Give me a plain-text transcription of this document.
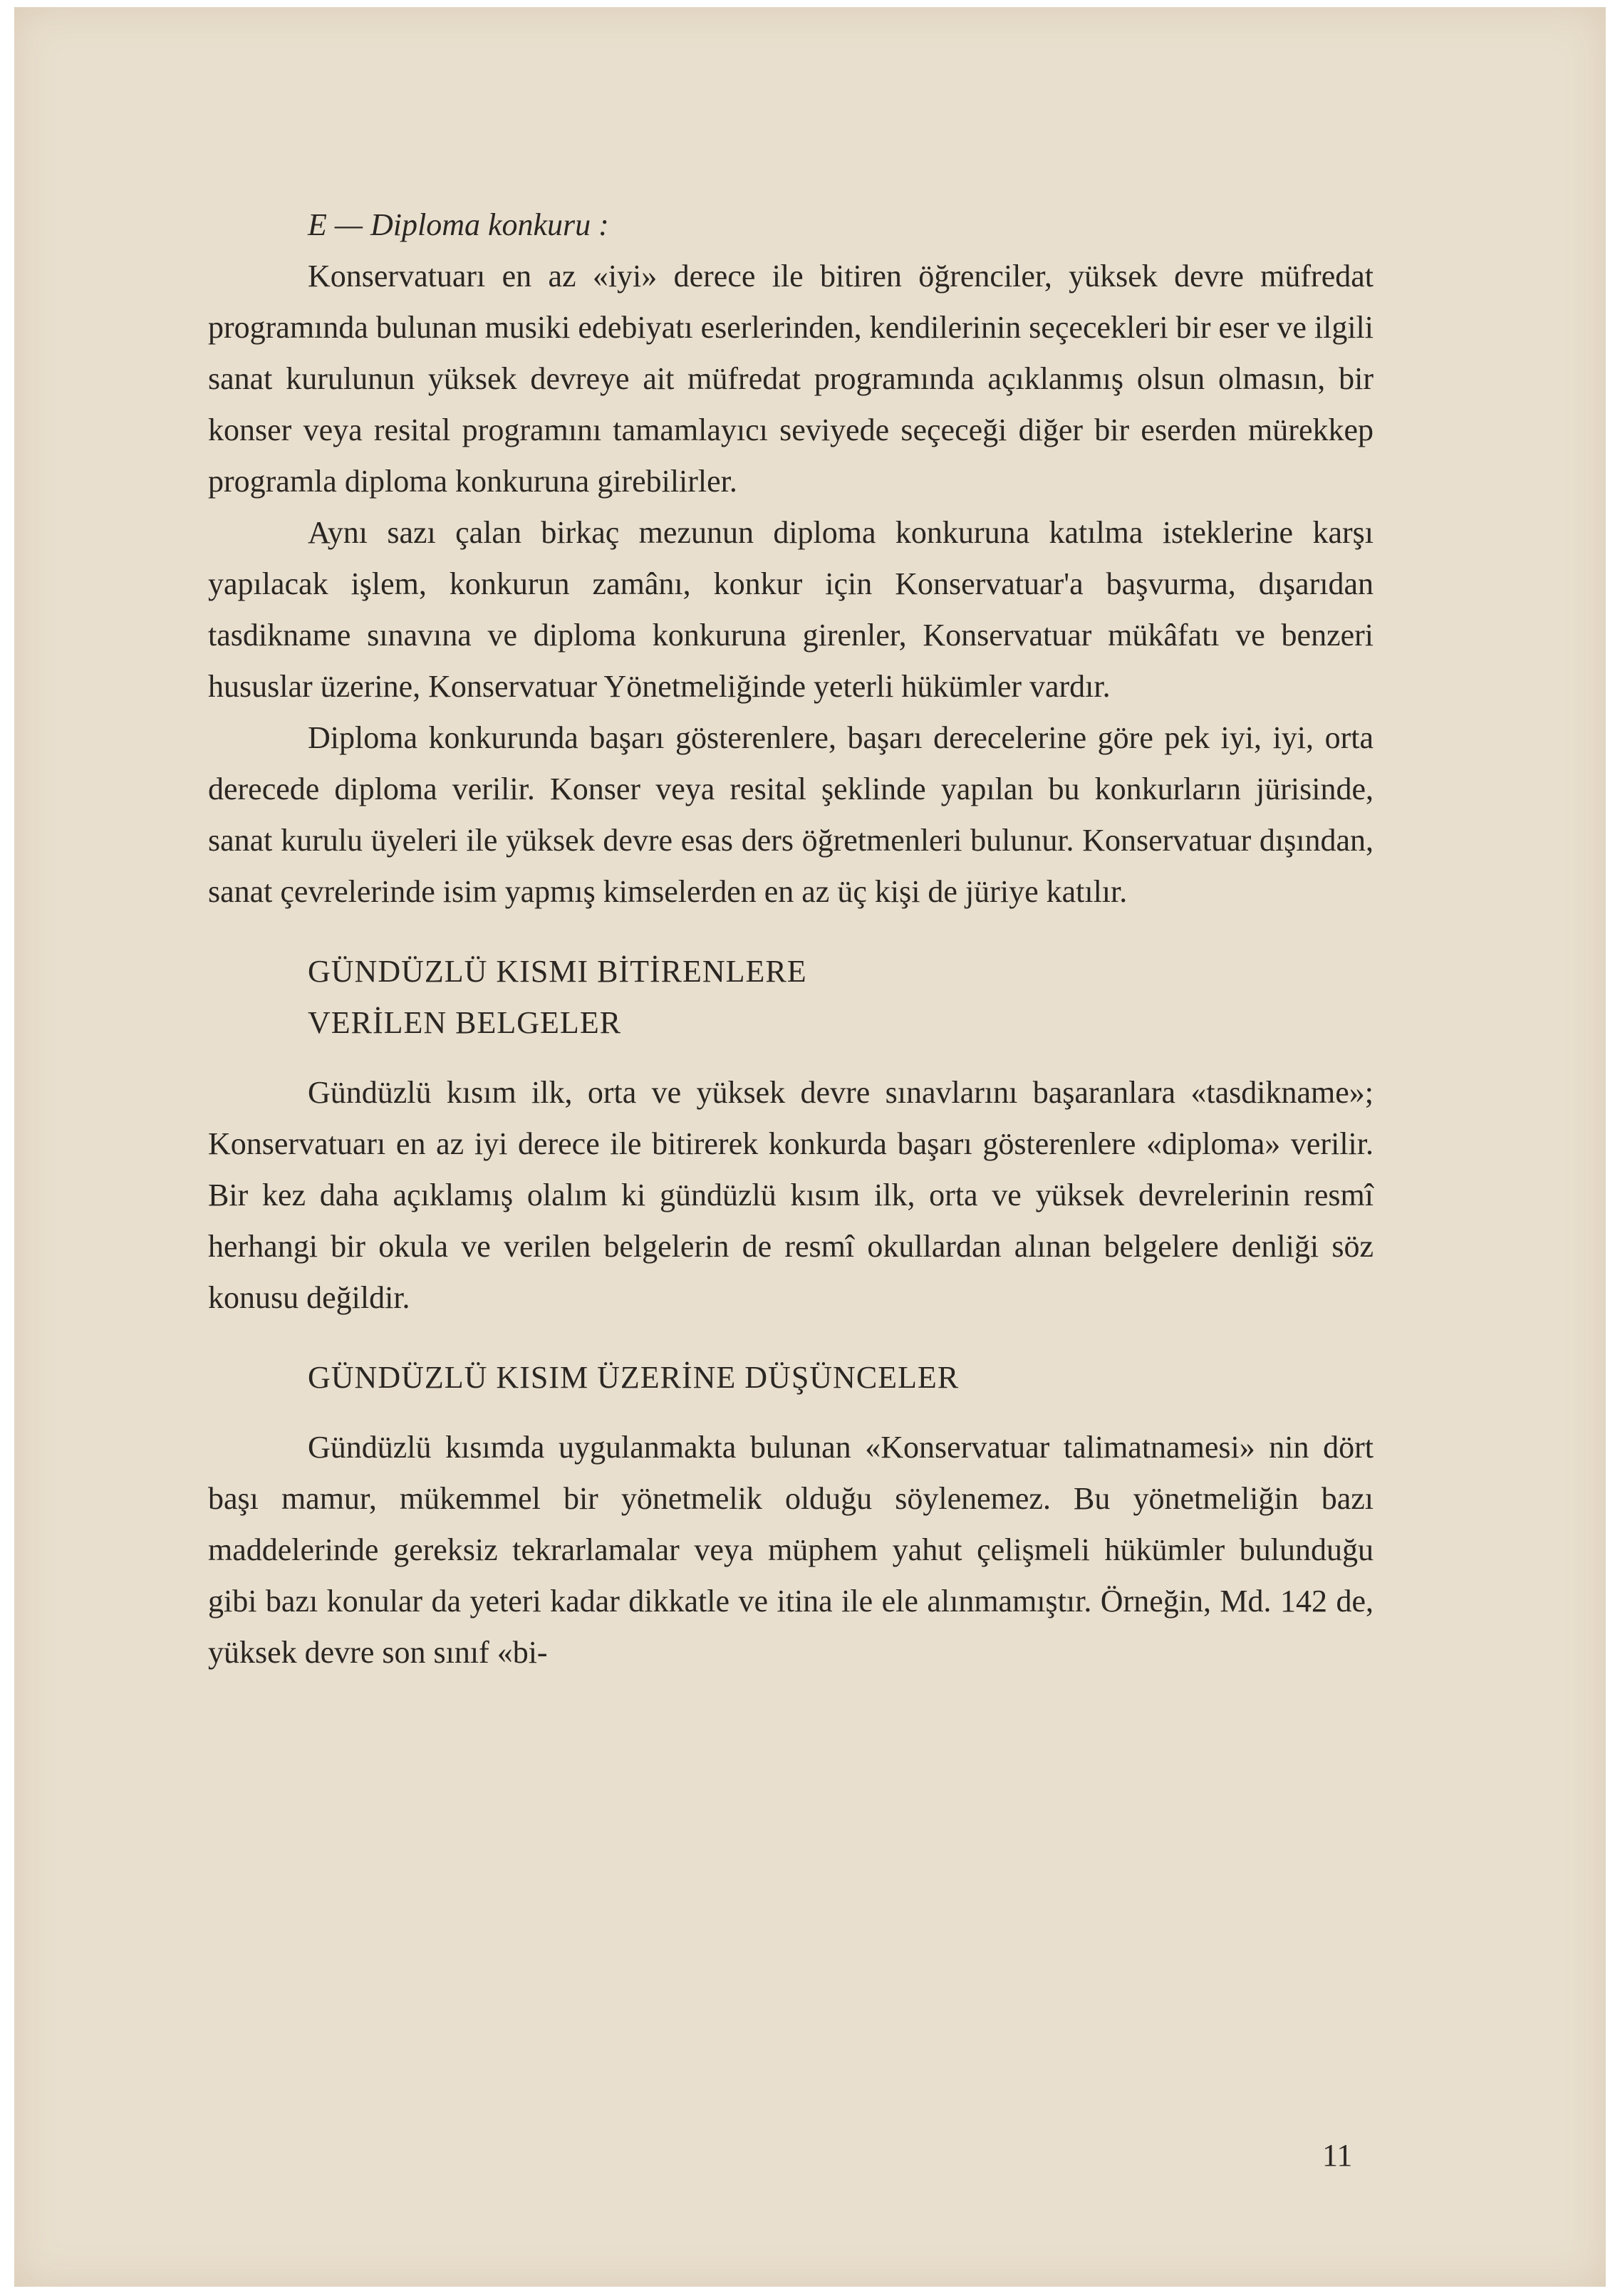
E — Diploma konkuru :

Konservatuarı en az «iyi» derece ile bitiren öğrenciler, yüksek devre müfredat programında bulunan musiki edebiyatı eserlerinden, kendilerinin seçecekleri bir eser ve ilgili sanat kurulunun yüksek devreye ait müfredat programında açıklanmış olsun olmasın, bir konser veya resital programını tamamlayıcı seviyede seçeceği diğer bir eserden mürekkep programla diploma konkuruna girebilirler.

Aynı sazı çalan birkaç mezunun diploma konkuruna katılma isteklerine karşı yapılacak işlem, konkurun zamânı, konkur için Konservatuar'a başvurma, dışarıdan tasdikname sınavına ve diploma konkuruna girenler, Konservatuar mükâfatı ve benzeri hususlar üzerine, Konservatuar Yönetmeliğinde yeterli hükümler vardır.

Diploma konkurunda başarı gösterenlere, başarı derecelerine göre pek iyi, iyi, orta derecede diploma verilir. Konser veya resital şeklinde yapılan bu konkurların jürisinde, sanat kurulu üyeleri ile yüksek devre esas ders öğretmenleri bulunur. Konservatuar dışından, sanat çevrelerinde isim yapmış kimselerden en az üç kişi de jüriye katılır.

GÜNDÜZLÜ KISMI BİTİRENLERE
VERİLEN BELGELER

Gündüzlü kısım ilk, orta ve yüksek devre sınavlarını başaranlara «tasdikname»; Konservatuarı en az iyi derece ile bitirerek konkurda başarı gösterenlere «diploma» verilir. Bir kez daha açıklamış olalım ki gündüzlü kısım ilk, orta ve yüksek devrelerinin resmî herhangi bir okula ve verilen belgelerin de resmî okullardan alınan belgelere denliği söz konusu değildir.

GÜNDÜZLÜ KISIM ÜZERİNE DÜŞÜNCELER

Gündüzlü kısımda uygulanmakta bulunan «Konservatuar talimatnamesi» nin dört başı mamur, mükemmel bir yönetmelik olduğu söylenemez. Bu yönetmeliğin bazı maddelerinde gereksiz tekrarlamalar veya müphem yahut çelişmeli hükümler bulunduğu gibi bazı konular da yeteri kadar dikkatle ve itina ile ele alınmamıştır. Örneğin, Md. 142 de, yüksek devre son sınıf «bi-

11
